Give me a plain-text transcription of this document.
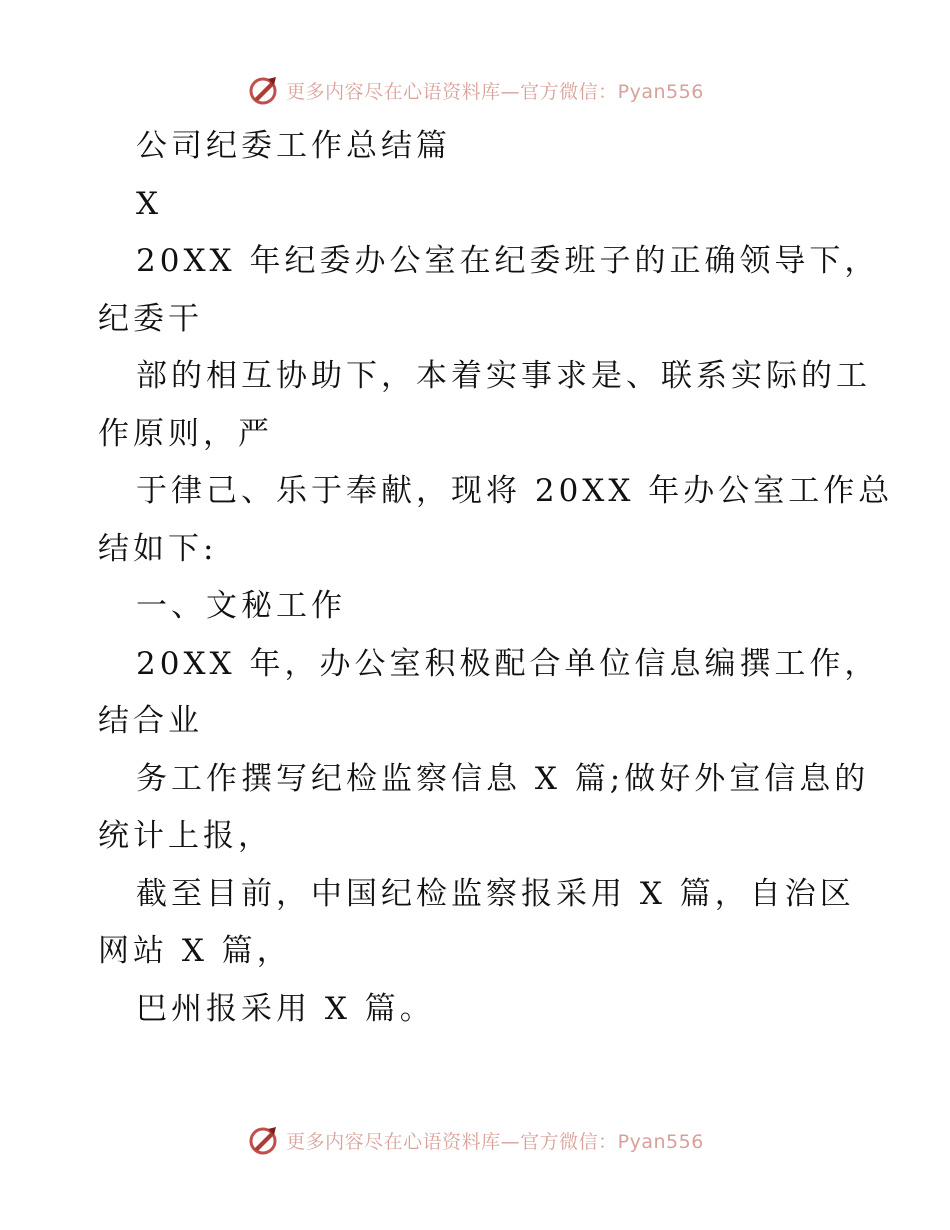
更多内容尽在心语资料库—官方微信：Pyan556

公司纪委工作总结篇

X

20XX 年纪委办公室在纪委班子的正确领导下，

纪委干

部的相互协助下，本着实事求是、联系实际的工

作原则，严

于律己、乐于奉献，现将 20XX 年办公室工作总

结如下:

一、文秘工作

20XX 年，办公室积极配合单位信息编撰工作，

结合业

务工作撰写纪检监察信息 X 篇;做好外宣信息的

统计上报，

截至目前，中国纪检监察报采用 X 篇，自治区

网站 X 篇，

巴州报采用 X 篇。

更多内容尽在心语资料库—官方微信：Pyan556
